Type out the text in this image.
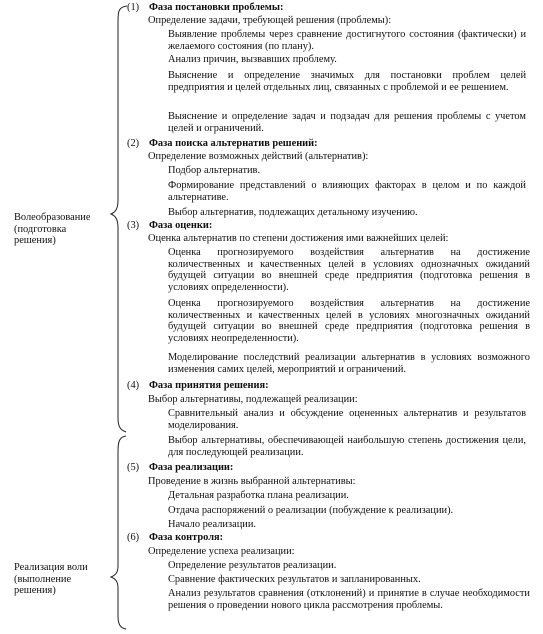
Волеобразование
(подготовка
решения)
Реализация воли
(выполнение
решения)
(1) Фаза постановки проблемы:
Определение задачи, требующей решения (проблемы):

Выявление проблемы через сравнение достигнутого состояния (фактически) и желаемого состояния (по плану).

Анализ причин, вызвавших проблему.

Выяснение и определение значимых для постановки проблем целей предприятия и целей отдельных лиц, связанных с проблемой и ее решением.

Выяснение и определение задач и подзадач для решения проблемы с учетом целей и ограничений.

(2) Фаза поиска альтернатив решений:
Определение возможных действий (альтернатив):

Подбор альтернатив.

Формирование представлений о влияющих факторах в целом и по каждой альтернативе.

Выбор альтернатив, подлежащих детальному изучению.

(3) Фаза оценки:
Оценка альтернатив по степени достижения ими важнейших целей:

Оценка прогнозируемого воздействия альтернатив на достижение количественных и качественных целей в условиях однозначных ожиданий будущей ситуации во внешней среде предприятия (подготовка решения в условиях определенности).

Оценка прогнозируемого воздействия альтернатив на достижение количественных и качественных целей в условиях многозначных ожиданий будущей ситуации во внешней среде предприятия (подготовка решения в условиях неопределенности).

Моделирование последствий реализации альтернатив в условиях возможного изменения самих целей, мероприятий и ограничений.

(4) Фаза принятия решения:
Выбор альтернативы, подлежащей реализации:

Сравнительный анализ и обсуждение оцененных альтернатив и результатов моделирования.

Выбор альтернативы, обеспечивающей наибольшую степень достижения цели, для последующей реализации.

(5) Фаза реализации:
Проведение в жизнь выбранной альтернативы:

Детальная разработка плана реализации.

Отдача распоряжений о реализации (побуждение к реализации).

Начало реализации.

(6) Фаза контроля:
Определение успеха реализации:

Определение результатов реализации.

Сравнение фактических результатов и запланированных.

Анализ результатов сравнения (отклонений) и принятие в случае необходимости решения о проведении нового цикла рассмотрения проблемы.
